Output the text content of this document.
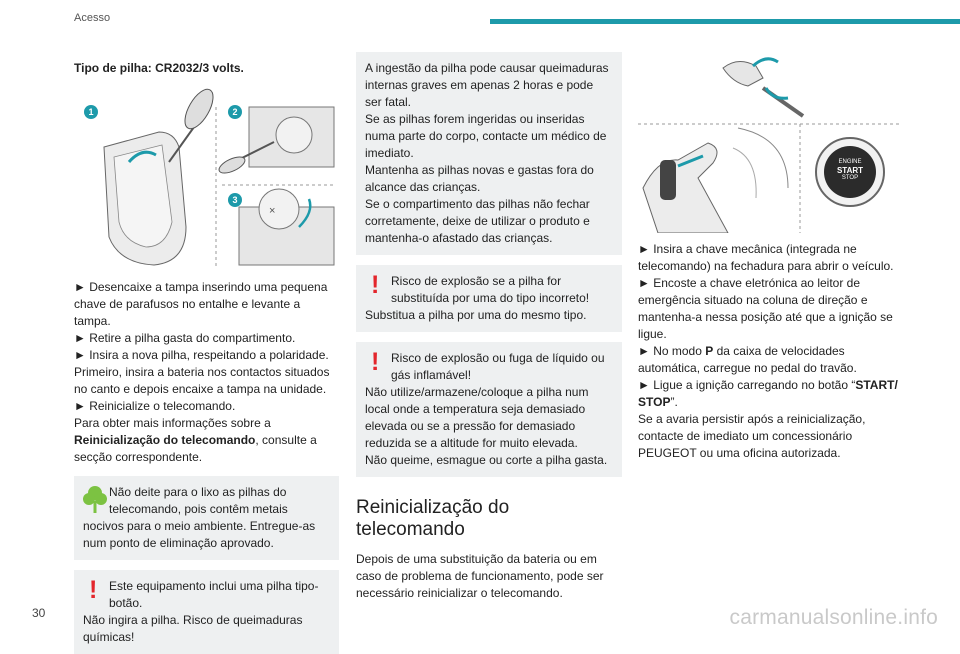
Acesso

Tipo de pilha: CR2032/3 volts.

×
1	2
3

► Desencaixe a tampa inserindo uma pequena chave de parafusos no entalhe e levante a tampa.

► Retire a pilha gasta do compartimento.

► Insira a nova pilha, respeitando a polaridade.

Primeiro, insira a bateria nos contactos situados no canto e depois encaixe a tampa na unidade.

► Reinicialize o telecomando.

Para obter mais informações sobre a

Reinicialização do telecomando, consulte a secção correspondente.

Não deite para o lixo as pilhas do telecomando, pois contêm metais nocivos para o meio ambiente. Entregue-as num ponto de eliminação aprovado.

! Este equipamento inclui uma pilha tipo-botão.

Não ingira a pilha. Risco de queimaduras químicas!

A ingestão da pilha pode causar queimaduras internas graves em apenas 2 horas e pode ser fatal.

Se as pilhas forem ingeridas ou inseridas numa parte do corpo, contacte um médico de imediato.

Mantenha as pilhas novas e gastas fora do alcance das crianças.

Se o compartimento das pilhas não fechar corretamente, deixe de utilizar o produto e mantenha-o afastado das crianças.

! Risco de explosão se a pilha for substituída por uma do tipo incorreto!

Substitua a pilha por uma do mesmo tipo.

! Risco de explosão ou fuga de líquido ou gás inflamável!

Não utilize/armazene/coloque a pilha num local onde a temperatura seja demasiado elevada ou se a pressão for demasiado reduzida se a altitude for muito elevada.

Não queime, esmague ou corte a pilha gasta.

Reinicialização do telecomando

Depois de uma substituição da bateria ou em caso de problema de funcionamento, pode ser necessário reinicializar o telecomando.

ENGINE
START
STOP

► Insira a chave mecânica (integrada ne telecomando) na fechadura para abrir o veículo.

► Encoste a chave eletrónica ao leitor de emergência situado na coluna de direção e mantenha-a nessa posição até que a ignição se ligue.

► No modo P da caixa de velocidades automática, carregue no pedal do travão.

► Ligue a ignição carregando no botão “START/ STOP”.

Se a avaria persistir após a reinicialização, contacte de imediato um concessionário PEUGEOT ou uma oficina autorizada.

30	carmanualsonline.info
